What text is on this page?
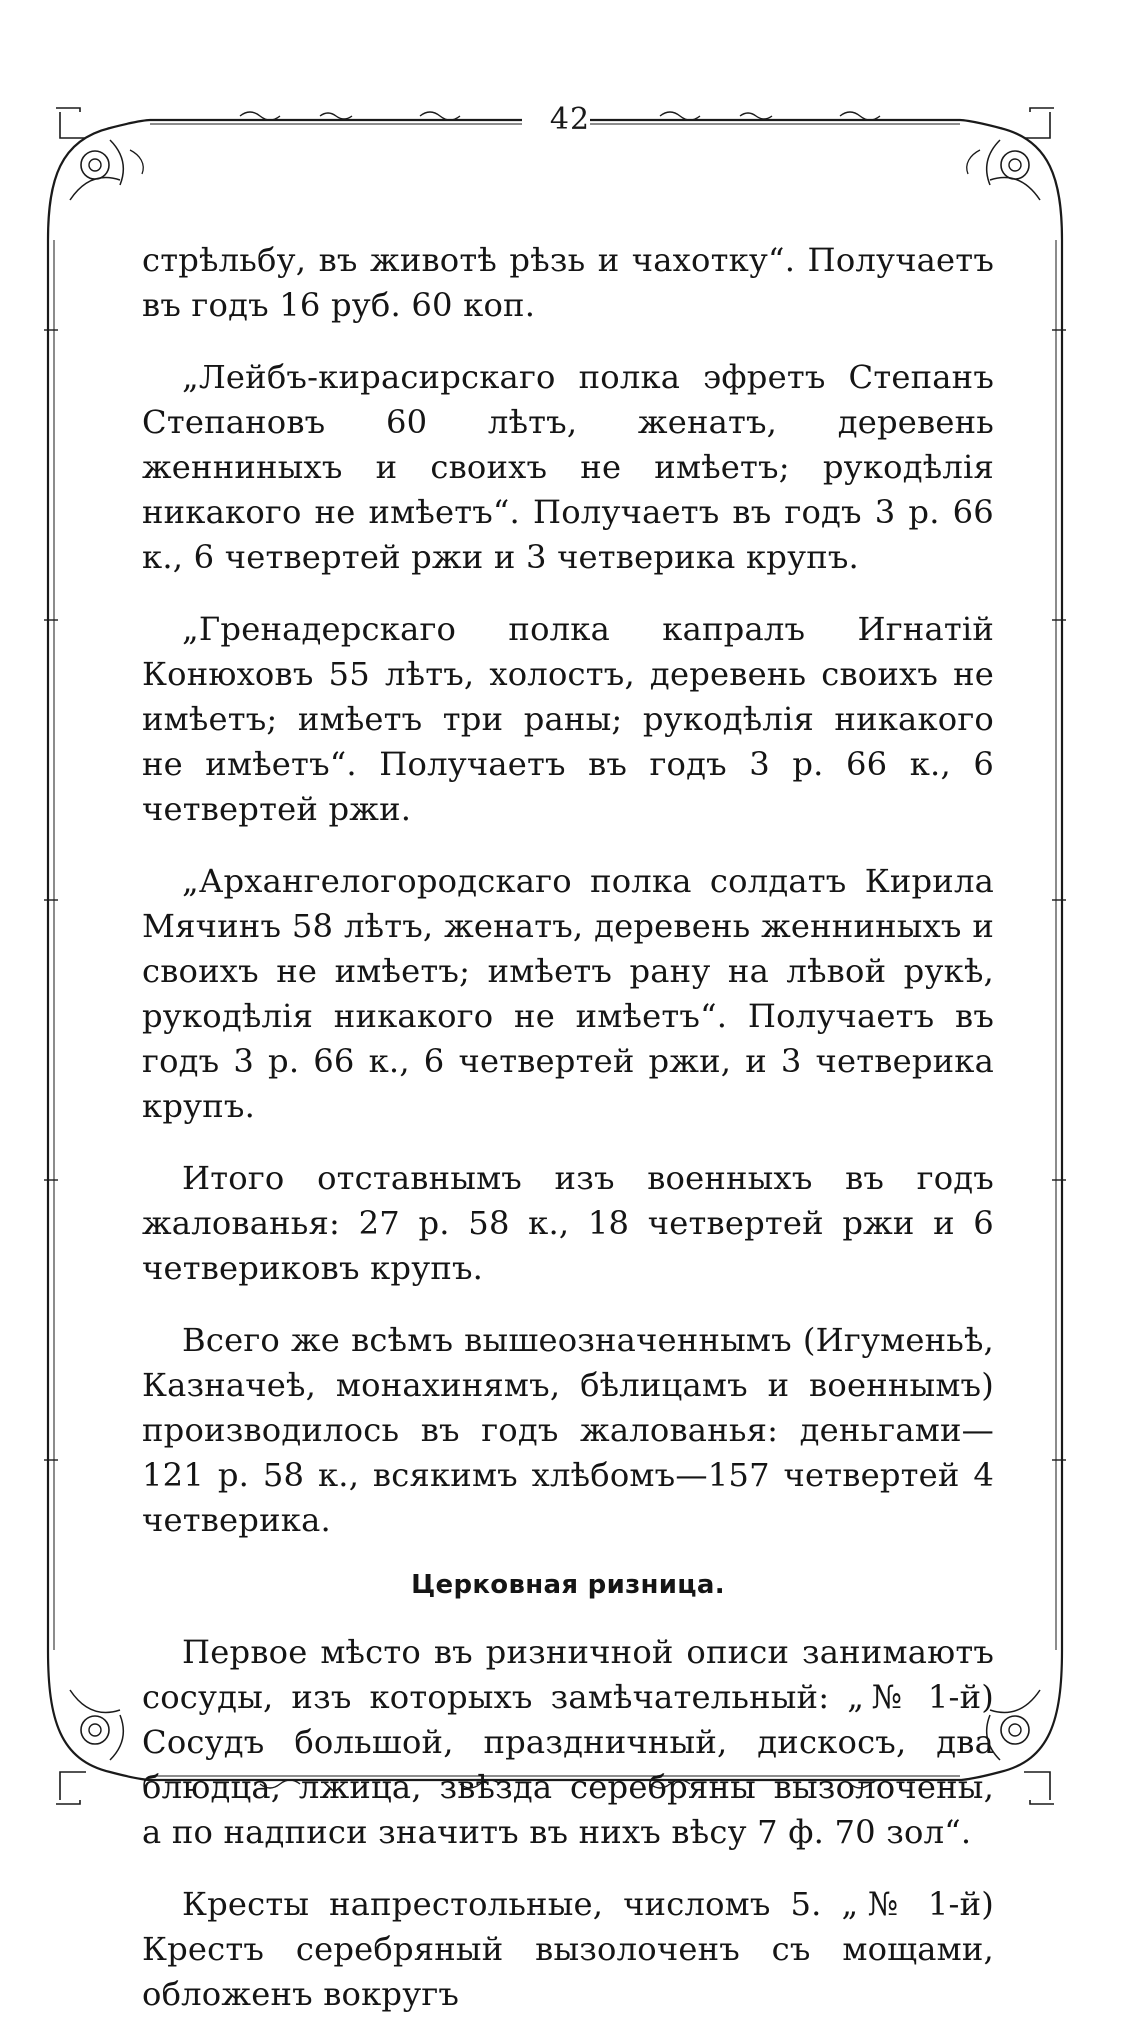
42

стрѣльбу, въ животѣ рѣзь и чахотку“. Получаетъ въ годъ 16 руб. 60 коп.

„Лейбъ-кирасирскаго полка эфретъ Степанъ Степановъ 60 лѣтъ, женатъ, деревень женниныхъ и своихъ не имѣетъ; рукодѣлія никакого не имѣетъ“. Получаетъ въ годъ 3 р. 66 к., 6 четвертей ржи и 3 четверика крупъ.

„Гренадерскаго полка капралъ Игнатій Конюховъ 55 лѣтъ, холостъ, деревень своихъ не имѣетъ; имѣетъ три раны; рукодѣлія никакого не имѣетъ“. Получаетъ въ годъ 3 р. 66 к., 6 четвертей ржи.

„Архангелогородскаго полка солдатъ Кирила Мячинъ 58 лѣтъ, женатъ, деревень женниныхъ и своихъ не имѣетъ; имѣетъ рану на лѣвой рукѣ, рукодѣлія никакого не имѣетъ“. Получаетъ въ годъ 3 р. 66 к., 6 четвертей ржи, и 3 четверика крупъ.

Итого отставнымъ изъ военныхъ въ годъ жалованья: 27 р. 58 к., 18 четвертей ржи и 6 четвериковъ крупъ.

Всего же всѣмъ вышеозначеннымъ (Игуменьѣ, Казначеѣ, монахинямъ, бѣлицамъ и военнымъ) производилось въ годъ жалованья: деньгами—121 р. 58 к., всякимъ хлѣбомъ—157 четвертей 4 четверика.

Церковная ризница.

Первое мѣсто въ ризничной описи занимаютъ сосуды, изъ которыхъ замѣчательный: „№ 1-й) Сосудъ большой, праздничный, дискосъ, два блюдца, лжица, звѣзда серебряны вызолочены, а по надписи значитъ въ нихъ вѣсу 7 ф. 70 зол“.

Кресты напрестольные, числомъ 5. „№ 1-й) Крестъ серебряный вызолоченъ съ мощами, обложенъ вокругъ
